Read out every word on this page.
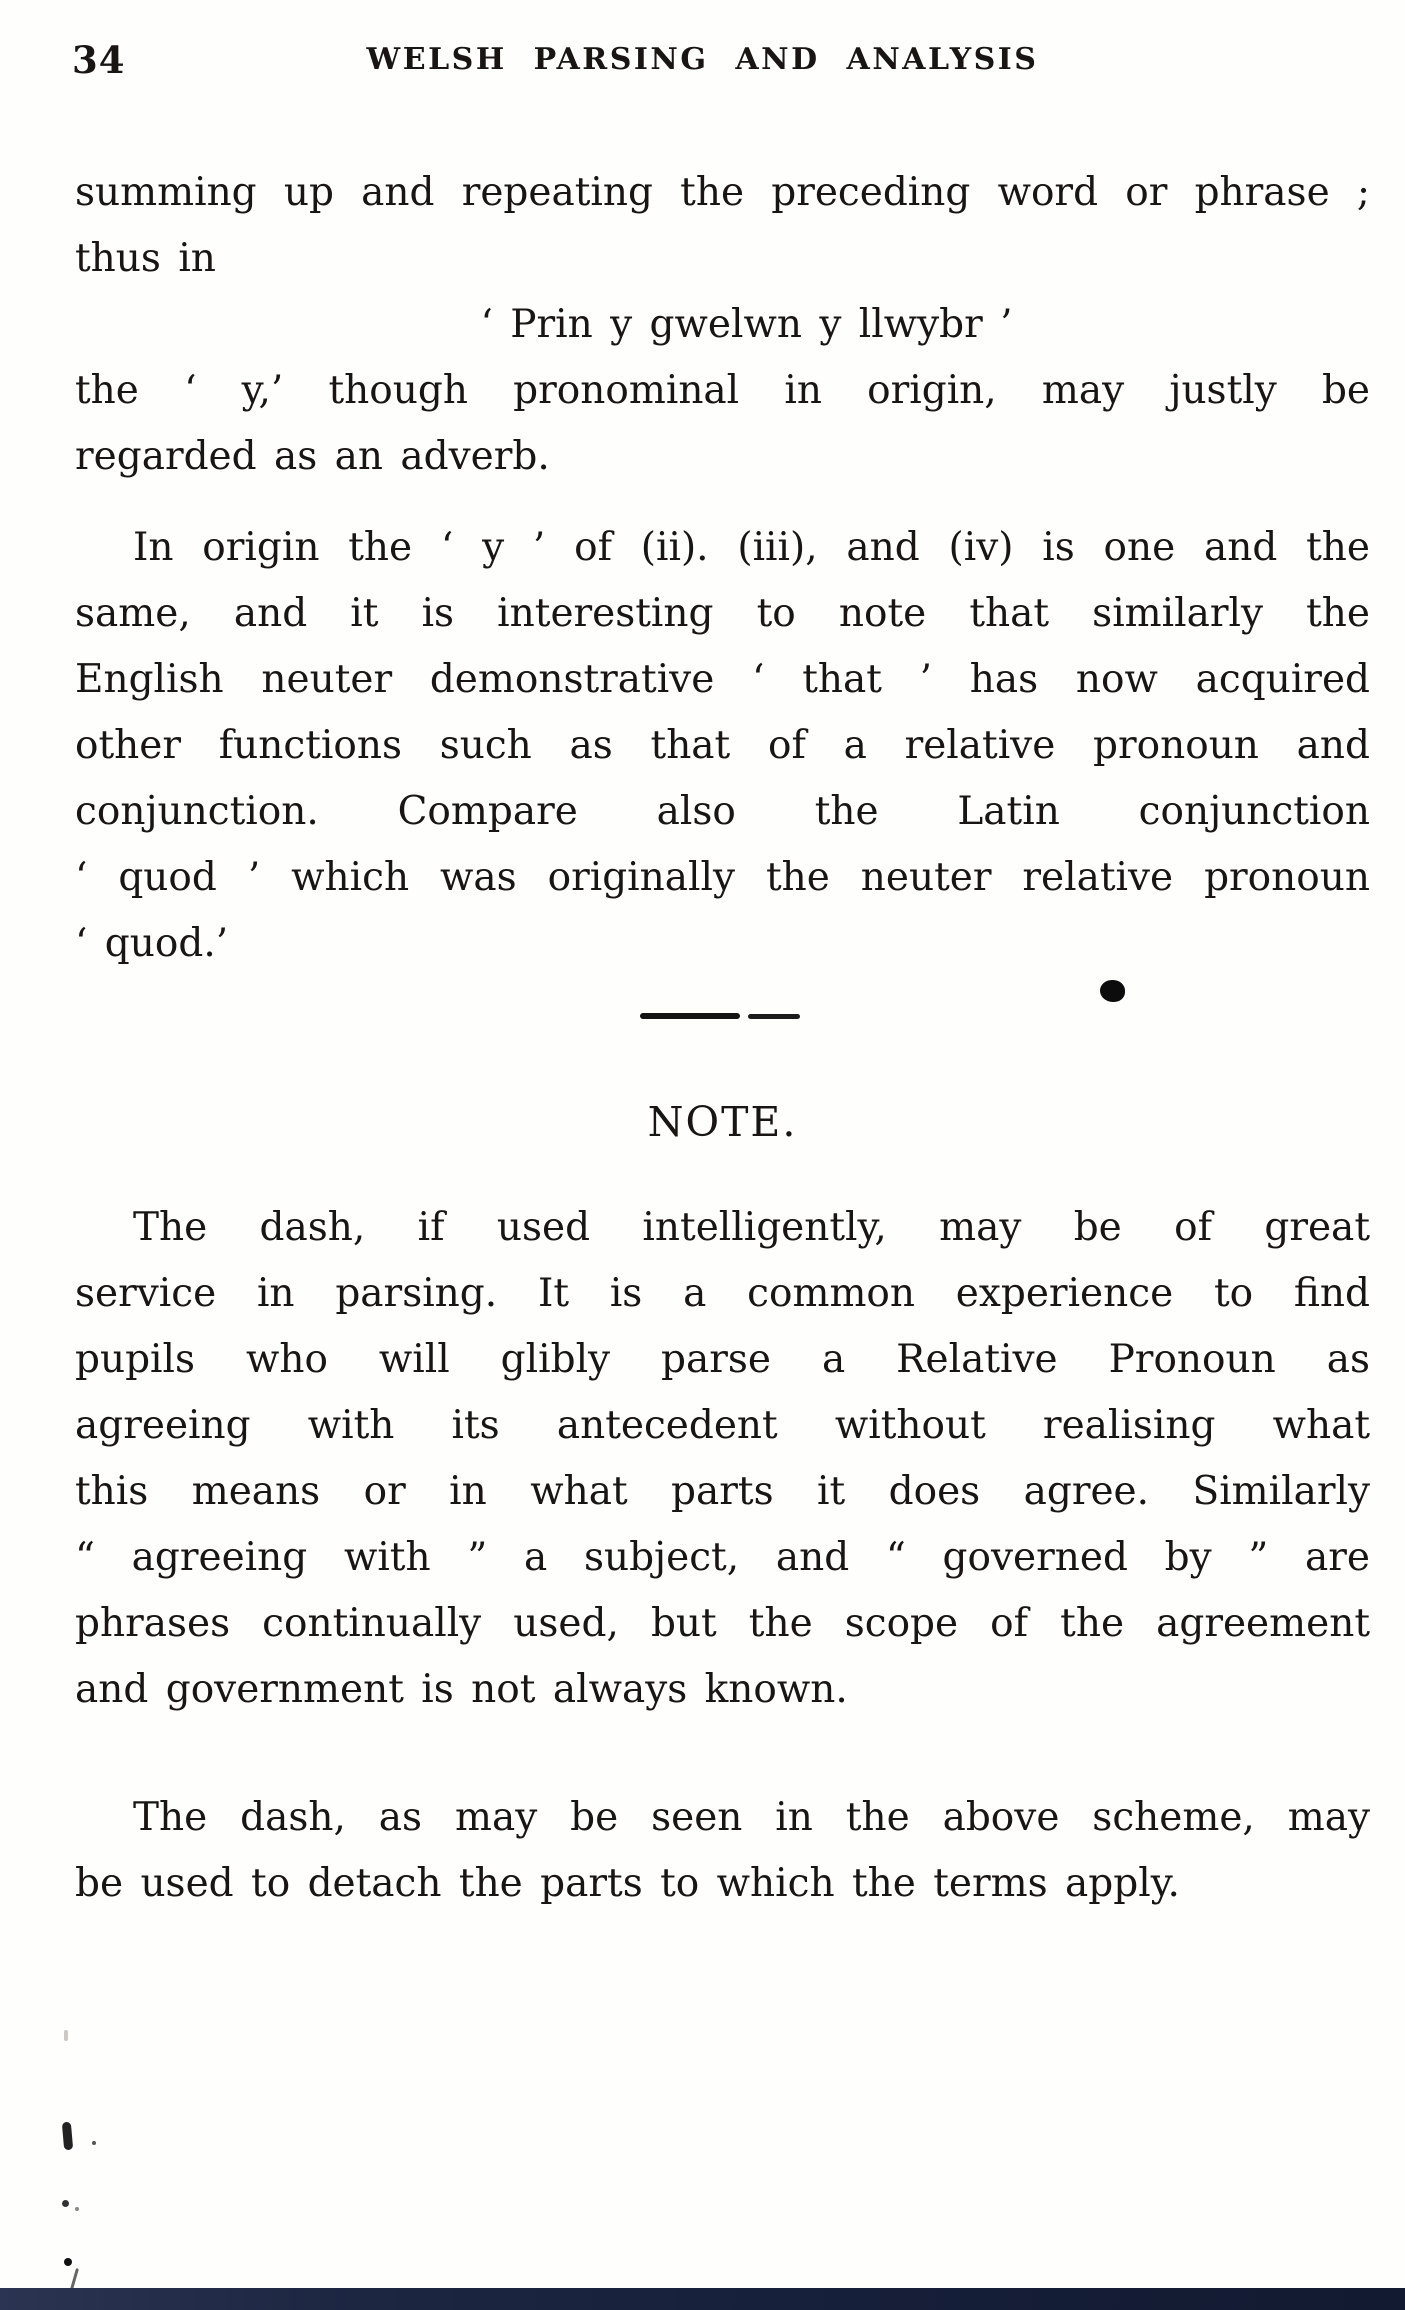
34	WELSH PARSING AND ANALYSIS
summing up and repeating the preceding word or phrase ;
thus in
‘ Prin y gwelwn y llwybr ’
the ‘ y,’ though pronominal in origin, may justly be
regarded as an adverb.
In origin the ‘ y ’ of (ii). (iii), and (iv) is one and the
same, and it is interesting to note that similarly the
English neuter demonstrative ‘ that ’ has now acquired
other functions such as that of a relative pronoun and
conjunction. Compare also the Latin conjunction
‘ quod ’ which was originally the neuter relative pronoun
‘ quod.’
NOTE.
The dash, if used intelligently, may be of great
service in parsing. It is a common experience to find
pupils who will glibly parse a Relative Pronoun as
agreeing with its antecedent without realising what
this means or in what parts it does agree. Similarly
“ agreeing with ” a subject, and “ governed by ” are
phrases continually used, but the scope of the agreement
and government is not always known.
The dash, as may be seen in the above scheme, may
be used to detach the parts to which the terms apply.
